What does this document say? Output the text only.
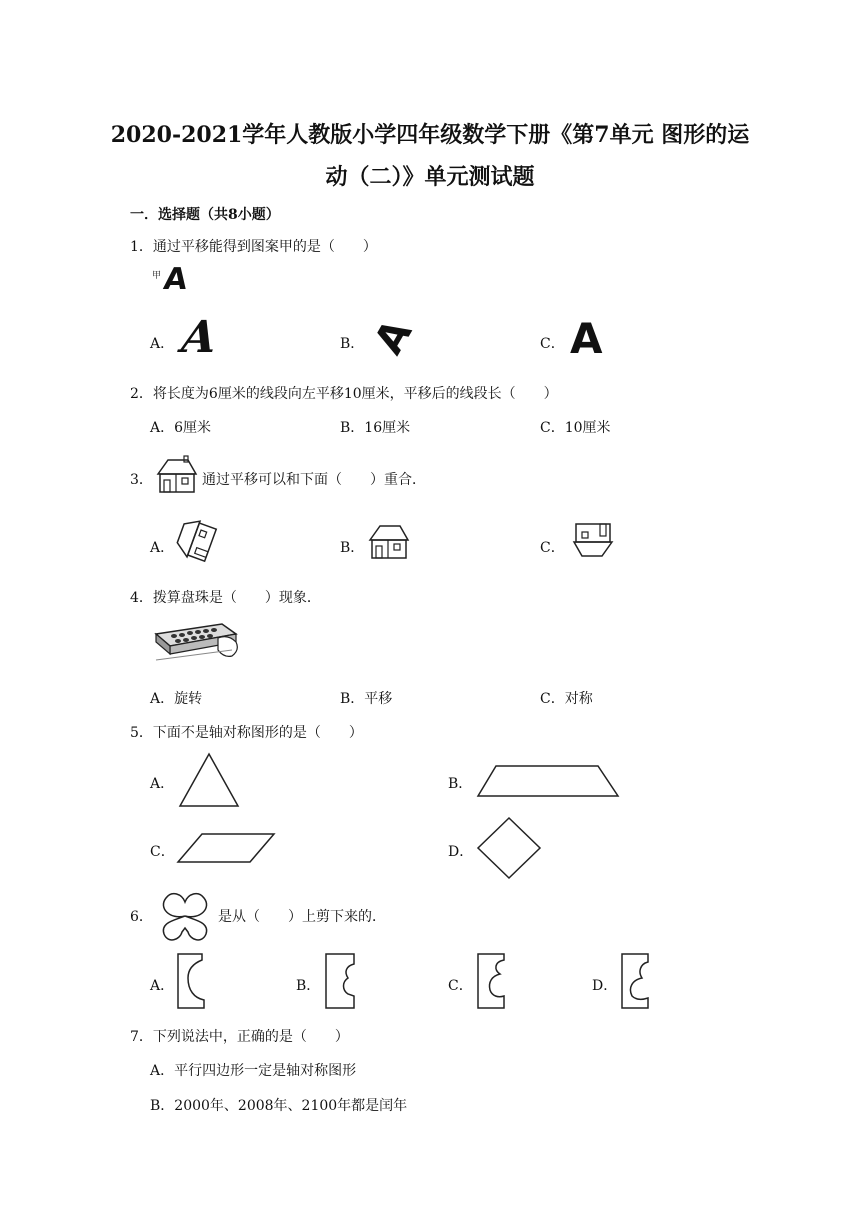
2020-2021学年人教版小学四年级数学下册《第7单元 图形的运
动（二）》单元测试题
一．选择题（共8小题）
1．通过平移能得到图案甲的是（　　）
甲 A
A． A	B． A	C． A
2．将长度为6厘米的线段向左平移10厘米，平移后的线段长（　　）
A．6厘米	B．16厘米	C．10厘米
3．	通过平移可以和下面（　　）重合．
A．	B．	C．
4．拨算盘珠是（　　）现象．
A．旋转	B．平移	C．对称
5．下面不是轴对称图形的是（　　）
A．	B．
C．	D．
6．	是从（　　）上剪下来的．
A．	B．	C．	D．
7．下列说法中，正确的是（　　）
A．平行四边形一定是轴对称图形
B．2000年、2008年、2100年都是闰年
